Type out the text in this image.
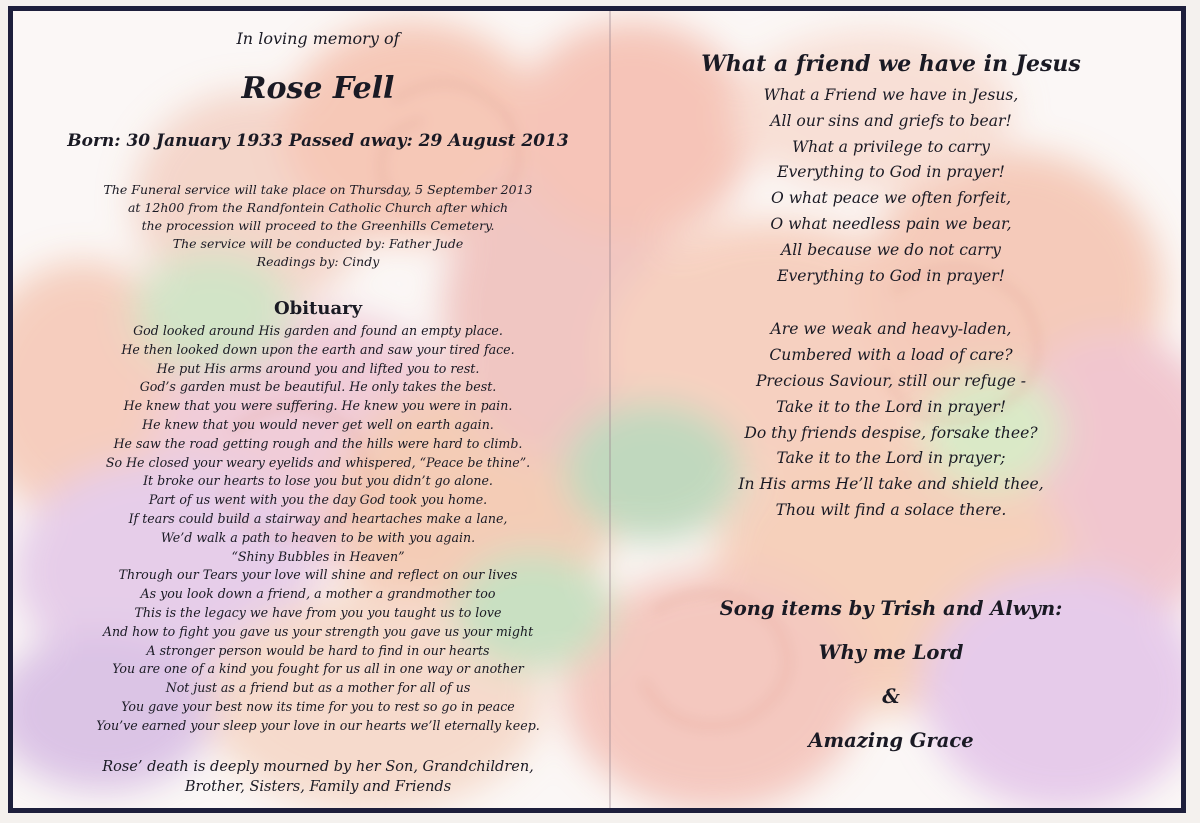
In loving memory of
Rose Fell
Born: 30 January 1933 Passed away: 29 August 2013
The Funeral service will take place on Thursday, 5 September 2013
at 12h00 from the Randfontein Catholic Church after which
the procession will proceed to the Greenhills Cemetery.
The service will be conducted by: Father Jude
Readings by: Cindy
Obituary
God looked around His garden and found an empty place.
He then looked down upon the earth and saw your tired face.
He put His arms around you and lifted you to rest.
God’s garden must be beautiful. He only takes the best.
He knew that you were suffering. He knew you were in pain.
He knew that you would never get well on earth again.
He saw the road getting rough and the hills were hard to climb.
So He closed your weary eyelids and whispered, “Peace be thine”.
It broke our hearts to lose you but you didn’t go alone.
Part of us went with you the day God took you home.
If tears could build a stairway and heartaches make a lane,
We’d walk a path to heaven to be with you again.
“Shiny Bubbles in Heaven”
Through our Tears your love will shine and reflect on our lives
As you look down a friend, a mother a grandmother too
This is the legacy we have from you you taught us to love
And how to fight you gave us your strength you gave us your might
A stronger person would be hard to find in our hearts
You are one of a kind you fought for us all in one way or another
Not just as a friend but as a mother for all of us
You gave your best now its time for you to rest so go in peace
You’ve earned your sleep your love in our hearts we’ll eternally keep.
Rose’ death is deeply mourned by her Son, Grandchildren,
Brother, Sisters, Family and Friends
What a friend we have in Jesus
What a Friend we have in Jesus,
All our sins and griefs to bear!
What a privilege to carry
Everything to God in prayer!
O what peace we often forfeit,
O what needless pain we bear,
All because we do not carry
Everything to God in prayer!
Are we weak and heavy-laden,
Cumbered with a load of care?
Precious Saviour, still our refuge -
Take it to the Lord in prayer!
Do thy friends despise, forsake thee?
Take it to the Lord in prayer;
In His arms He’ll take and shield thee,
Thou wilt find a solace there.
Song items by Trish and Alwyn:
Why me Lord
&
Amazing Grace
